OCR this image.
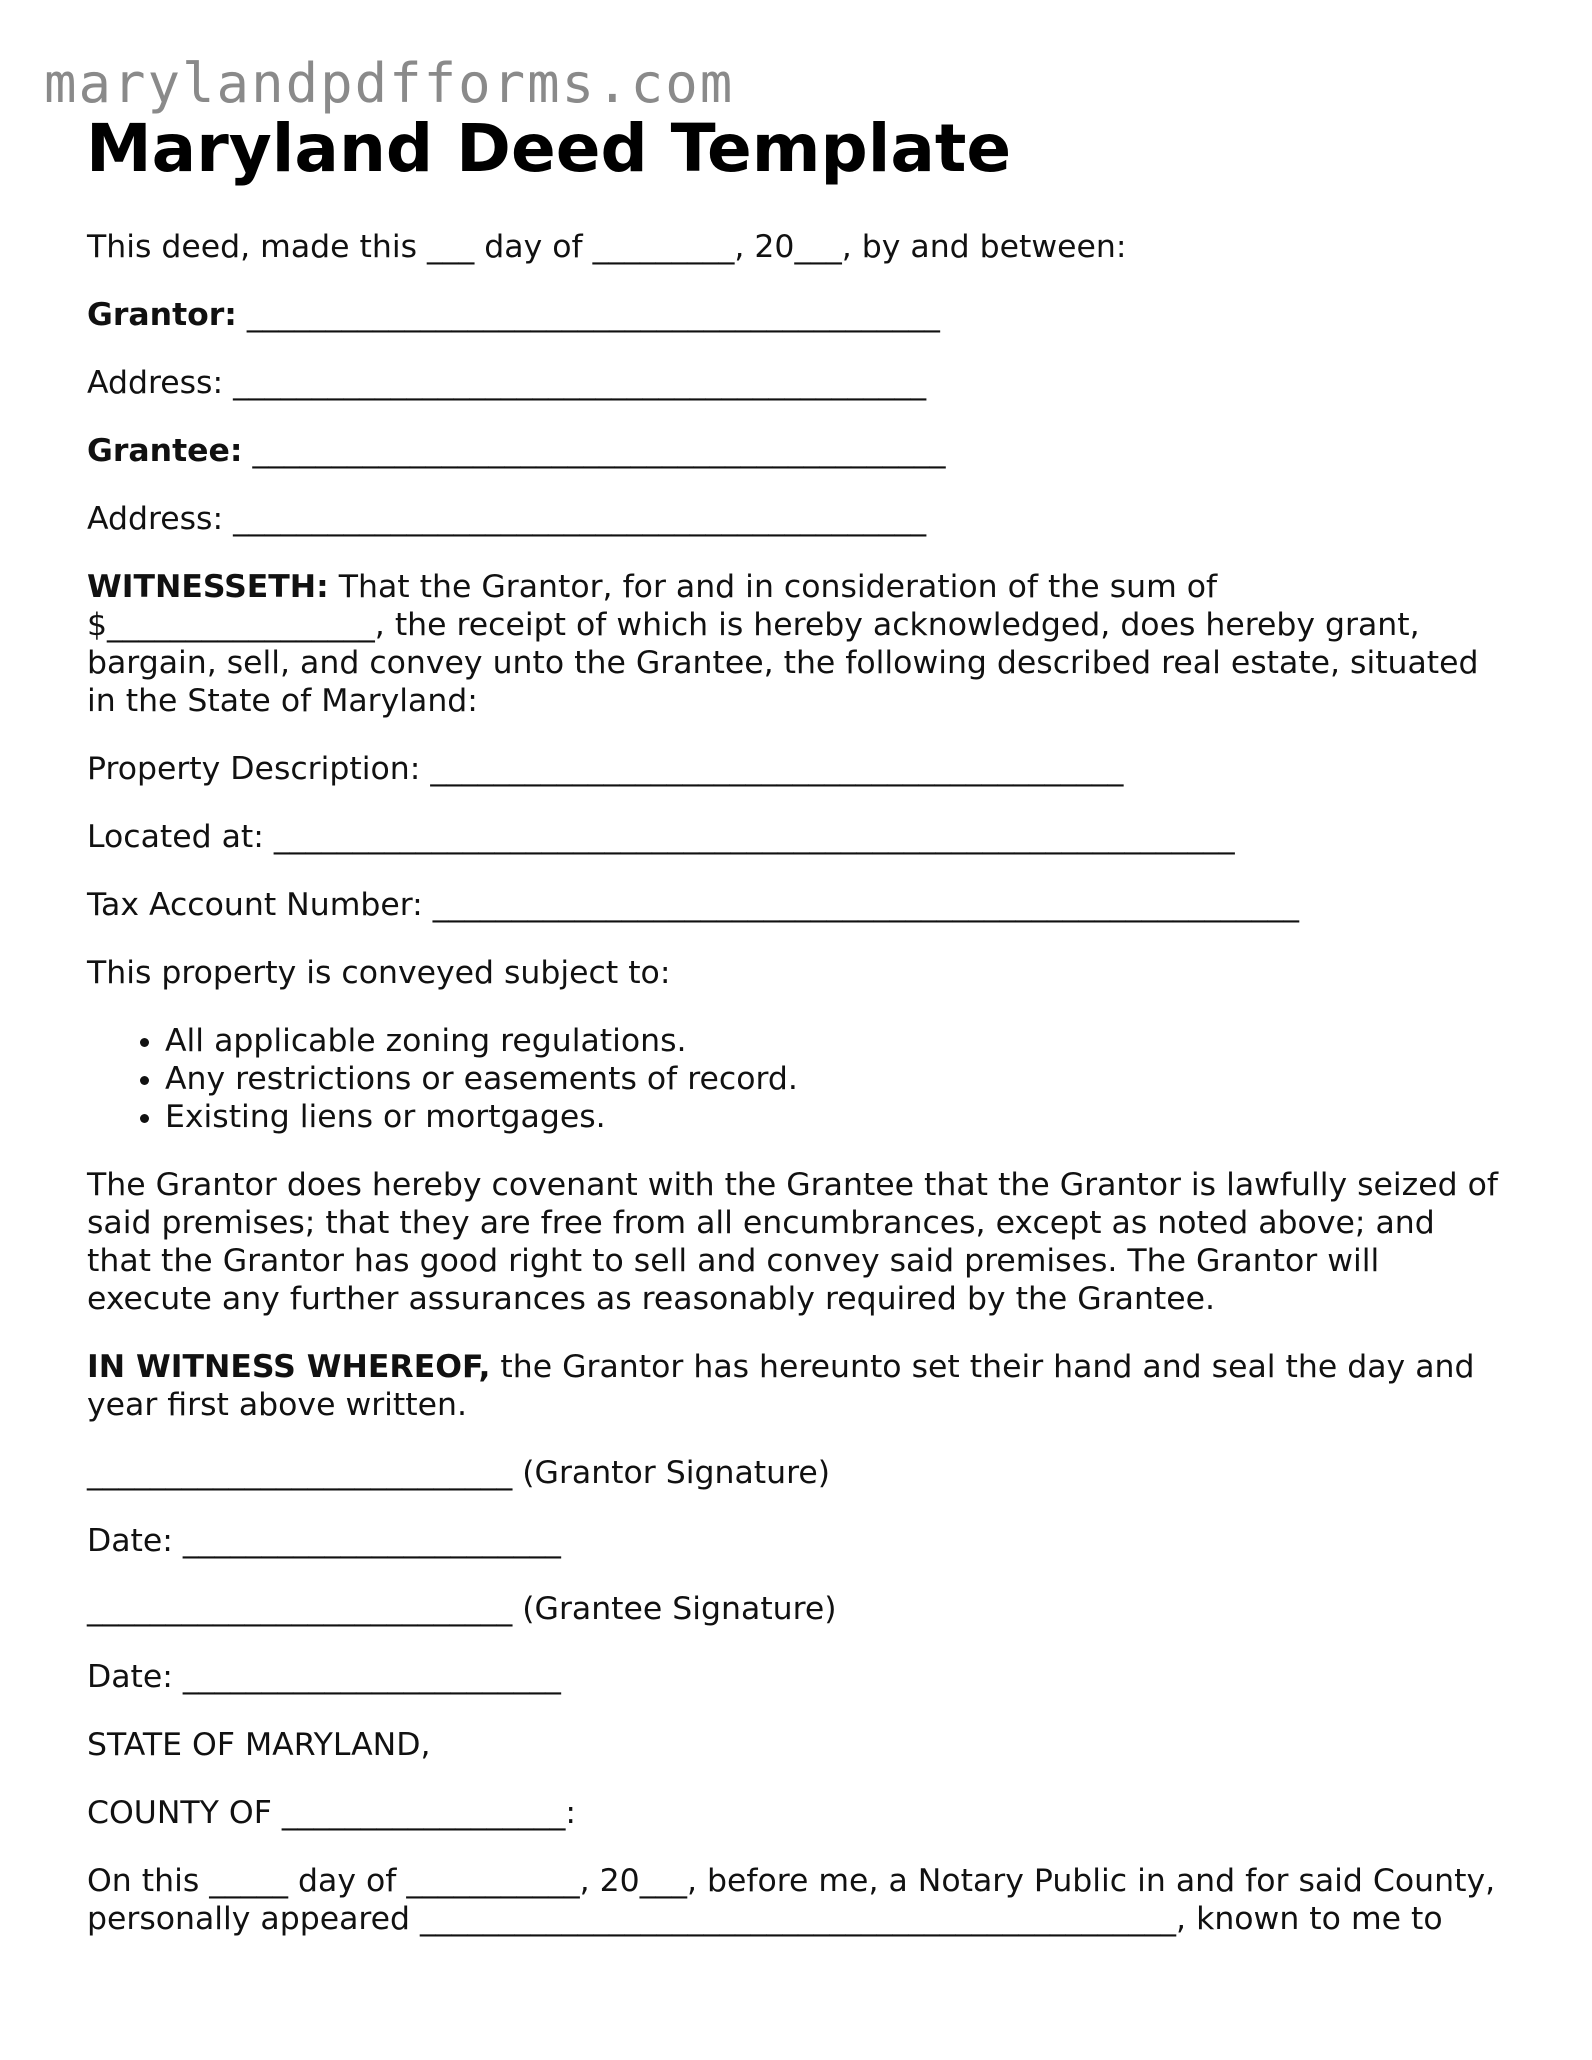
marylandpdfforms.com
Maryland Deed Template

This deed, made this ___ day of _________, 20___, by and between:

Grantor: ____________________________________________

Address: ____________________________________________

Grantee: ____________________________________________

Address: ____________________________________________

WITNESSETH: That the Grantor, for and in consideration of the sum of $_________________, the receipt of which is hereby acknowledged, does hereby grant, bargain, sell, and convey unto the Grantee, the following described real estate, situated in the State of Maryland:

Property Description: ____________________________________________

Located at: _____________________________________________________________

Tax Account Number: _______________________________________________________

This property is conveyed subject to:

• All applicable zoning regulations.
• Any restrictions or easements of record.
• Existing liens or mortgages.

The Grantor does hereby covenant with the Grantee that the Grantor is lawfully seized of said premises; that they are free from all encumbrances, except as noted above; and that the Grantor has good right to sell and convey said premises. The Grantor will execute any further assurances as reasonably required by the Grantee.

IN WITNESS WHEREOF, the Grantor has hereunto set their hand and seal the day and year first above written.

___________________________ (Grantor Signature)

Date: ________________________

___________________________ (Grantee Signature)

Date: ________________________

STATE OF MARYLAND,

COUNTY OF __________________:

On this _____ day of ___________, 20___, before me, a Notary Public in and for said County, personally appeared ________________________________________________, known to me to
